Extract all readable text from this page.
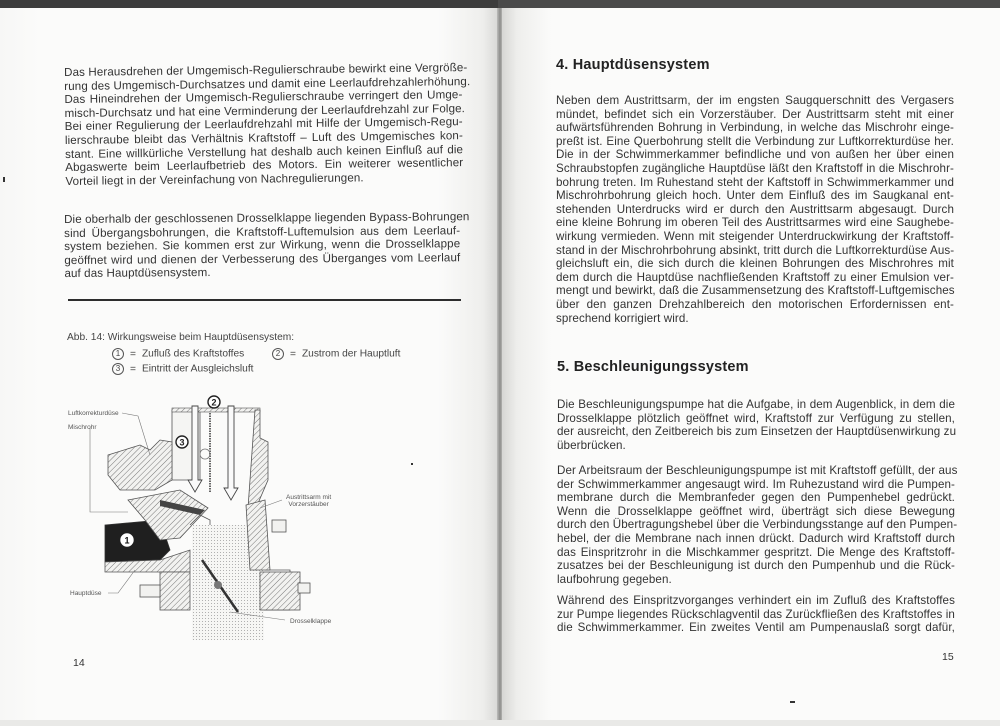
Das Herausdrehen der Umgemisch-Regulierschraube bewirkt eine Vergröße-
rung des Umgemisch-Durchsatzes und damit eine Leerlaufdrehzahlerhöhung.
Das Hineindrehen der Umgemisch-Regulierschraube verringert den Umge-
misch-Durchsatz und hat eine Verminderung der Leerlaufdrehzahl zur Folge.
Bei einer Regulierung der Leerlaufdrehzahl mit Hilfe der Umgemisch-Regu-
lierschraube bleibt das Verhältnis Kraftstoff – Luft des Umgemisches kon-
stant. Eine willkürliche Verstellung hat deshalb auch keinen Einfluß auf die
Abgaswerte beim Leerlaufbetrieb des Motors. Ein weiterer wesentlicher
Vorteil liegt in der Vereinfachung von Nachregulierungen.
Die oberhalb der geschlossenen Drosselklappe liegenden Bypass-Bohrungen
sind Übergangsbohrungen, die Kraftstoff-Luftemulsion aus dem Leerlauf-
system beziehen. Sie kommen erst zur Wirkung, wenn die Drosselklappe
geöffnet wird und dienen der Verbesserung des Überganges vom Leerlauf
auf das Hauptdüsensystem.
Abb. 14: Wirkungsweise beim Hauptdüsensystem:
1 = Zufluß des Kraftstoffes	2 = Zustrom der Hauptluft
3 = Eintritt der Ausgleichsluft
2
3
1
Luftkorrekturdüse
Mischrohr
Austrittsarm mit
Vorzerstäuber
Hauptdüse
Drosselklappe
14
4. Hauptdüsensystem
Neben dem Austrittsarm, der im engsten Saugquerschnitt des Vergasers
mündet, befindet sich ein Vorzerstäuber. Der Austrittsarm steht mit einer
aufwärtsführenden Bohrung in Verbindung, in welche das Mischrohr einge-
preßt ist. Eine Querbohrung stellt die Verbindung zur Luftkorrekturdüse her.
Die in der Schwimmerkammer befindliche und von außen her über einen
Schraubstopfen zugängliche Hauptdüse läßt den Kraftstoff in die Mischrohr-
bohrung treten. Im Ruhestand steht der Kaftstoff in Schwimmerkammer und
Mischrohrbohrung gleich hoch. Unter dem Einfluß des im Saugkanal ent-
stehenden Unterdrucks wird er durch den Austrittsarm abgesaugt. Durch
eine kleine Bohrung im oberen Teil des Austrittsarmes wird eine Saughebe-
wirkung vermieden. Wenn mit steigender Unterdruckwirkung der Kraftstoff-
stand in der Mischrohrbohrung absinkt, tritt durch die Luftkorrekturdüse Aus-
gleichsluft ein, die sich durch die kleinen Bohrungen des Mischrohres mit
dem durch die Hauptdüse nachfließenden Kraftstoff zu einer Emulsion ver-
mengt und bewirkt, daß die Zusammensetzung des Kraftstoff-Luftgemisches
über den ganzen Drehzahlbereich den motorischen Erfordernissen ent-
sprechend korrigiert wird.
5. Beschleunigungssystem
Die Beschleunigungspumpe hat die Aufgabe, in dem Augenblick, in dem die
Drosselklappe plötzlich geöffnet wird, Kraftstoff zur Verfügung zu stellen,
der ausreicht, den Zeitbereich bis zum Einsetzen der Hauptdüsenwirkung zu
überbrücken.
Der Arbeitsraum der Beschleunigungspumpe ist mit Kraftstoff gefüllt, der aus
der Schwimmerkammer angesaugt wird. Im Ruhezustand wird die Pumpen-
membrane durch die Membranfeder gegen den Pumpenhebel gedrückt.
Wenn die Drosselklappe geöffnet wird, überträgt sich diese Bewegung
durch den Übertragungshebel über die Verbindungsstange auf den Pumpen-
hebel, der die Membrane nach innen drückt. Dadurch wird Kraftstoff durch
das Einspritzrohr in die Mischkammer gespritzt. Die Menge des Kraftstoff-
zusatzes bei der Beschleunigung ist durch den Pumpenhub und die Rück-
laufbohrung gegeben.
Während des Einspritzvorganges verhindert ein im Zufluß des Kraftstoffes
zur Pumpe liegendes Rückschlagventil das Zurückfließen des Kraftstoffes in
die Schwimmerkammer. Ein zweites Ventil am Pumpenauslaß sorgt dafür,
15
